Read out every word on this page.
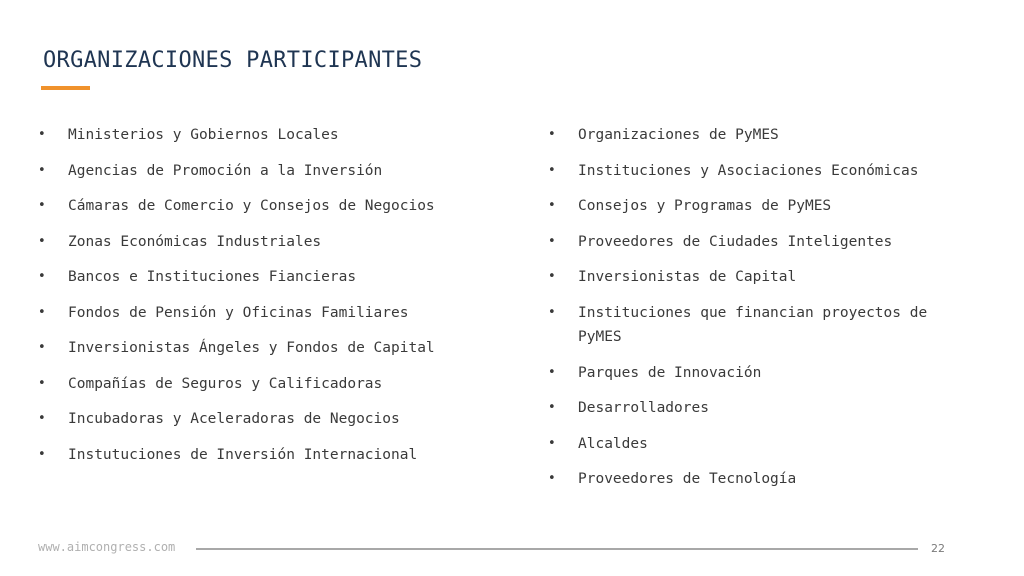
ORGANIZACIONES PARTICIPANTES
• Ministerios y Gobiernos Locales
• Agencias de Promoción a la Inversión
• Cámaras de Comercio y Consejos de Negocios
• Zonas Económicas Industriales
• Bancos e Instituciones Fiancieras
• Fondos de Pensión y Oficinas Familiares
• Inversionistas Ángeles y Fondos de Capital
• Compañías de Seguros y Calificadoras
• Incubadoras y Aceleradoras de Negocios
• Instutuciones de Inversión Internacional
• Organizaciones de PyMES
• Instituciones y Asociaciones Económicas
• Consejos y Programas de PyMES
• Proveedores de Ciudades Inteligentes
• Inversionistas de Capital
• Instituciones que financian proyectos de PyMES
• Parques de Innovación
• Desarrolladores
• Alcaldes
• Proveedores de Tecnología
www.aimcongress.com	22
